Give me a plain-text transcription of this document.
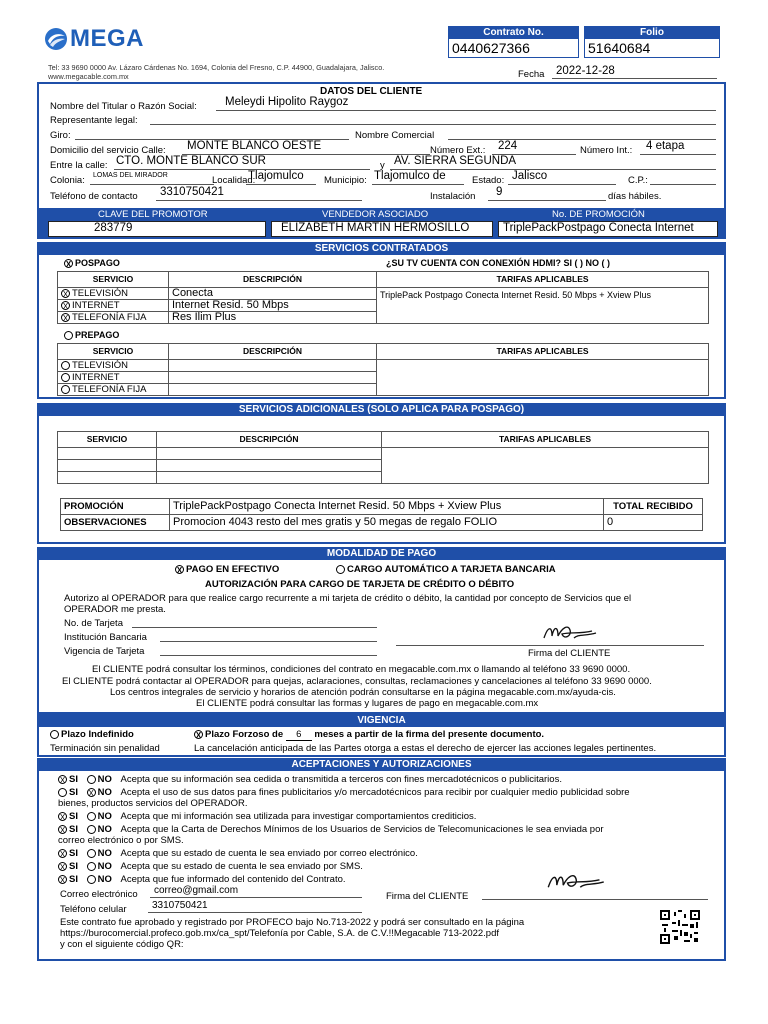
MEGA
Tel: 33 9690 0000 Av. Lázaro Cárdenas No. 1694, Colonia del Fresno, C.P. 44900, Guadalajara, Jalisco.
www.megacable.com.mx
Contrato No.
0440627366
Folio
51640684
Fecha 2022-12-28
DATOS DEL CLIENTE
Nombre del Titular o Razón Social: Meleydi Hipolito Raygoz
Representante legal:
Giro:	Nombre Comercial
Domicilio del servicio Calle: MONTE BLANCO OESTE	Número Ext.: 224	Número Int.: 4 etapa
Entre la calle: CTO. MONTE BLANCO SUR	y AV. SIERRA SEGUNDA
Colonia: LOMAS DEL MIRADOR	Localidad:
Tlajomulco Municipio: Tlajomulco de	Estado: Jalisco	C.P.:
Teléfono de contacto 3310750421	Instalación 9	días hábiles.
CLAVE DEL PROMOTOR	VENDEDOR ASOCIADO	No. DE PROMOCIÓN
283779	ELIZABETH MARTIN HERMOSILLO	TriplePackPostpago Conecta Internet
SERVICIOS CONTRATADOS
X POSPAGO	¿SU TV CUENTA CON CONEXIÓN HDMI? SI ( ) NO ( )
SERVICIO	DESCRIPCIÓN	TARIFAS APLICABLES
X TELEVISIÓN	Conecta	TriplePack Postpago Conecta Internet Resid. 50 Mbps + Xview Plus
X INTERNET	Internet Resid. 50 Mbps	
X TELEFONÍA FIJA	Res Ilim Plus	
PREPAGO
SERVICIO	DESCRIPCIÓN	TARIFAS APLICABLES
TELEVISIÓN		
INTERNET		
TELEFONÍA FIJA		
SERVICIOS ADICIONALES (SOLO APLICA PARA POSPAGO)
SERVICIO	DESCRIPCIÓN	TARIFAS APLICABLES

PROMOCIÓN	TriplePackPostpago Conecta Internet Resid. 50 Mbps + Xview Plus	TOTAL RECIBIDO
OBSERVACIONES	Promocion 4043 resto del mes gratis y 50 megas de regalo FOLIO	0
MODALIDAD DE PAGO
X PAGO EN EFECTIVO	CARGO AUTOMÁTICO A TARJETA BANCARIA
AUTORIZACIÓN PARA CARGO DE TARJETA DE CRÉDITO O DÉBITO
Autorizo al OPERADOR para que realice cargo recurrente a mi tarjeta de crédito o débito, la cantidad por concepto de Servicios que el
OPERADOR me presta.
No. de Tarjeta
Institución Bancaria
Vigencia de Tarjeta	Firma del CLIENTE
El CLIENTE podrá consultar los términos, condiciones del contrato en megacable.com.mx o llamando al teléfono 33 9690 0000.
El CLIENTE podrá contactar al OPERADOR para quejas, aclaraciones, consultas, reclamaciones y cancelaciones al teléfono 33 9690 0000.
Los centros integrales de servicio y horarios de atención podrán consultarse en la página megacable.com.mx/ayuda-cis.
El CLIENTE podrá consultar las formas y lugares de pago en megacable.com.mx
VIGENCIA
Plazo Indefinido	X Plazo Forzoso de 6 meses a partir de la firma del presente documento.
Terminación sin penalidad	La cancelación anticipada de las Partes otorga a estas el derecho de ejercer las acciones legales pertinentes.
ACEPTACIONES Y AUTORIZACIONES
X SI NO Acepta que su información sea cedida o transmitida a terceros con fines mercadotécnicos o publicitarios.
SI X NO Acepta el uso de sus datos para fines publicitarios y/o mercadotécnicos para recibir por cualquier medio publicidad sobre
bienes, productos servicios del OPERADOR.
X SI NO Acepta que mi información sea utilizada para investigar comportamientos crediticios.
X SI NO Acepta que la Carta de Derechos Mínimos de los Usuarios de Servicios de Telecomunicaciones le sea enviada por
correo electrónico o por SMS.
X SI NO Acepta que su estado de cuenta le sea enviado por correo electrónico.
X SI NO Acepta que su estado de cuenta le sea enviado por SMS.
X SI NO Acepta que fue informado del contenido del Contrato.
Correo electrónico correo@gmail.com
Firma del CLIENTE
Teléfono celular	3310750421
Este contrato fue aprobado y registrado por PROFECO bajo No.713-2022 y podrá ser consultado en la página
https://burocomercial.profeco.gob.mx/ca_spt/Telefonía por Cable, S.A. de C.V.!!Megacable 713-2022.pdf
y con el siguiente código QR:
